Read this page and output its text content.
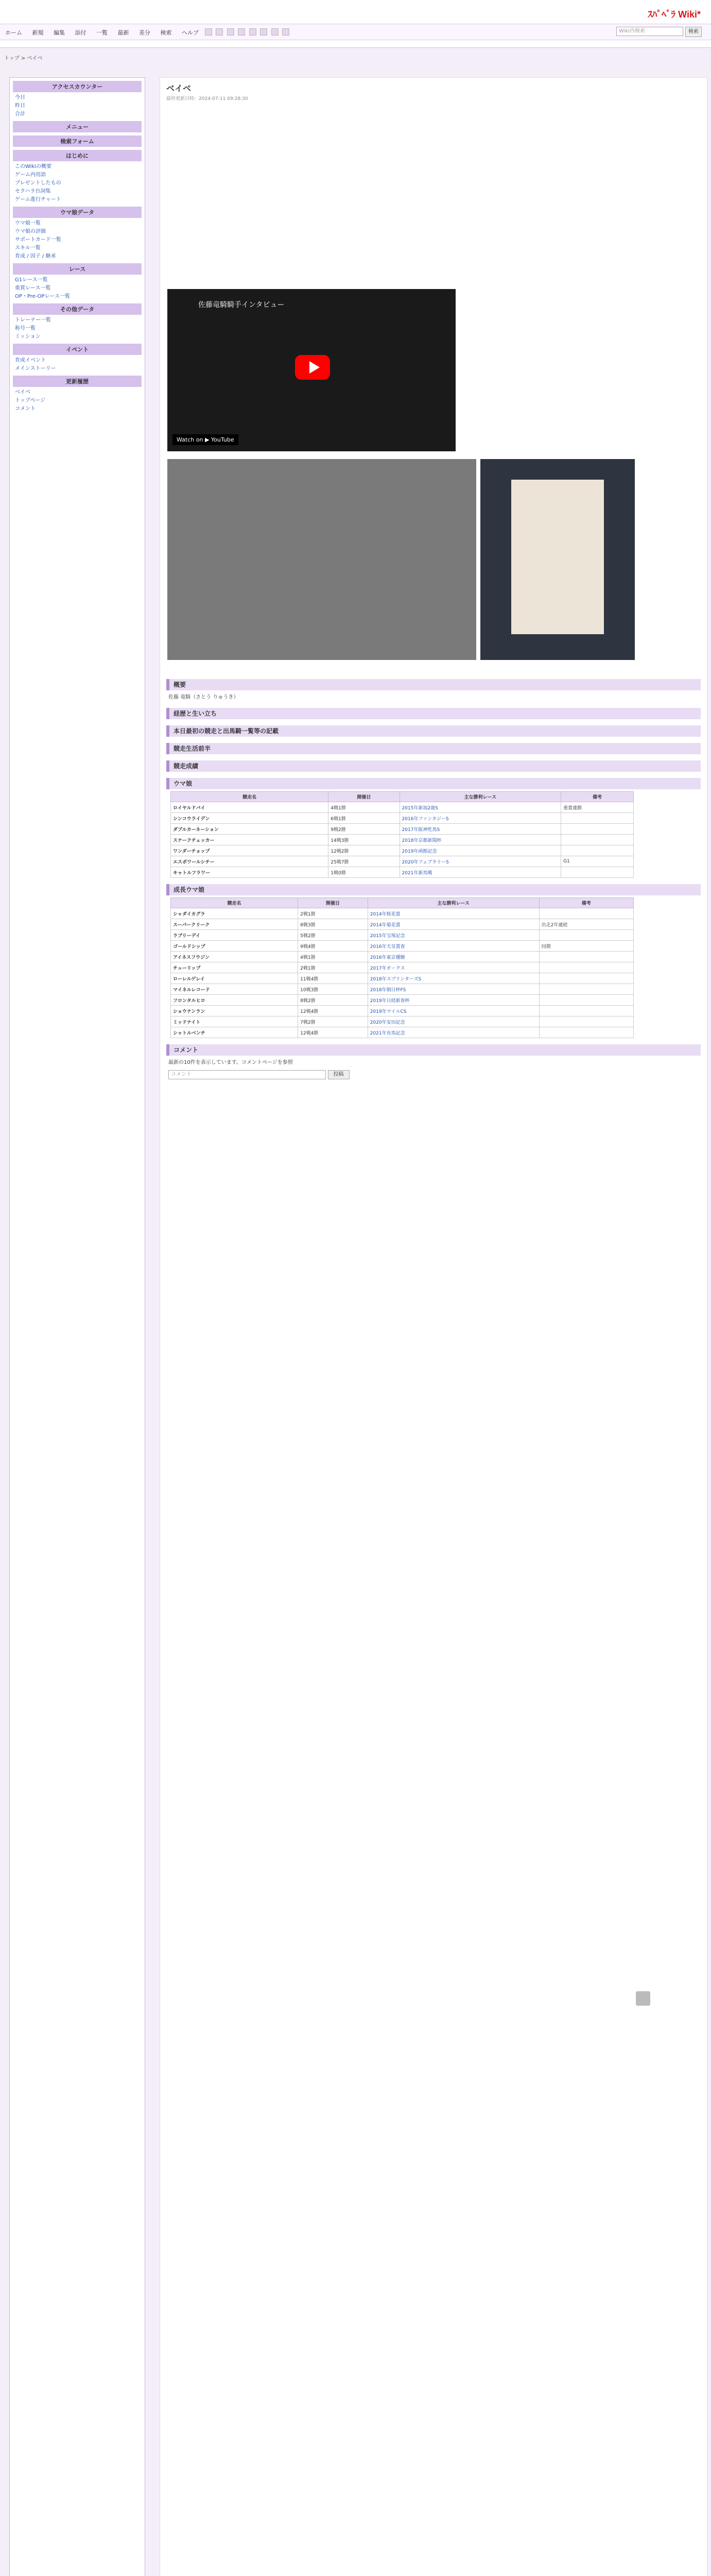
ｽﾊﾟﾍﾞﾗ Wiki*
ホーム 新規 編集 添付 一覧 最新 差分 検索 ヘルプ	Wiki内検索	検索
トップ > ベイベ
アクセスカウンター
今日
昨日
合計
メニュー
検索フォーム
はじめに
このWikiの概要
ゲーム内用語
プレゼントしたもの
セクハラ台詞集
ゲーム進行チャート
ウマ娘データ
ウマ娘一覧
ウマ娘の評価
サポートカード一覧
スキル一覧
育成 / 因子 / 継承
レース
G1レース一覧
重賞レース一覧
OP・Pre-OPレース一覧
その他データ
トレーナー一覧
称号一覧
ミッション
イベント
育成イベント
メインストーリー
更新履歴
ベイベ
トップページ
コメント
ベイベ
最終更新日時：2024-07-11 09:28:30
佐藤竜騎騎手インタビュー
Watch on ▶ YouTube
概要
佐藤 竜騎（さとう りゅうき）
経歴と生い立ち
本日最初の競走と出馬騎一覧等の記載
競走生活前半
競走成績
ウマ娘
競走名	開催日	主な勝利レース	備考
ロイヤルドバイ	4戦1勝	2015年新潟2歳S	重賞連勝
シンコウライデン	6戦1勝	2016年ファンタジーS	
ダブルカーネーション	9戦2勝	2017年阪神牝馬S	
スナークチェッカー	14戦3勝	2018年京都新聞杯	
ワンダーチョップ	12戦2勝	2019年函館記念	
エスポワールシチー	25戦7勝	2020年フェブラリーS	G1
キャトルフラワー	1戦0勝	2021年新馬戦	
成長ウマ娘
競走名	開催日	主な勝利レース	備考
シャダイカグラ	2戦1勝	2014年桜花賞	
スーパークリーク	8戦3勝	2014年菊花賞	出走2年連続
ラブリーデイ	5戦2勝	2015年宝塚記念	
ゴールドシップ	9戦4勝	2016年天皇賞春	同期
アイネスフウジン	4戦1勝	2016年東京優駿	
チューリップ	2戦1勝	2017年オークス	
ローレルゲレイ	11戦4勝	2018年スプリンターズS	
マイネルレコード	10戦3勝	2018年朝日杯FS	
フロンタルヒロ	8戦2勝	2019年日経新春杯	
ショウナンラン	12戦4勝	2019年マイルCS	
ミッドナイト	7戦2勝	2020年安田記念	
シャトルベンチ	12戦4勝	2021年有馬記念	
コメント
最新の10件を表示しています。コメントページを参照
コメント	投稿
